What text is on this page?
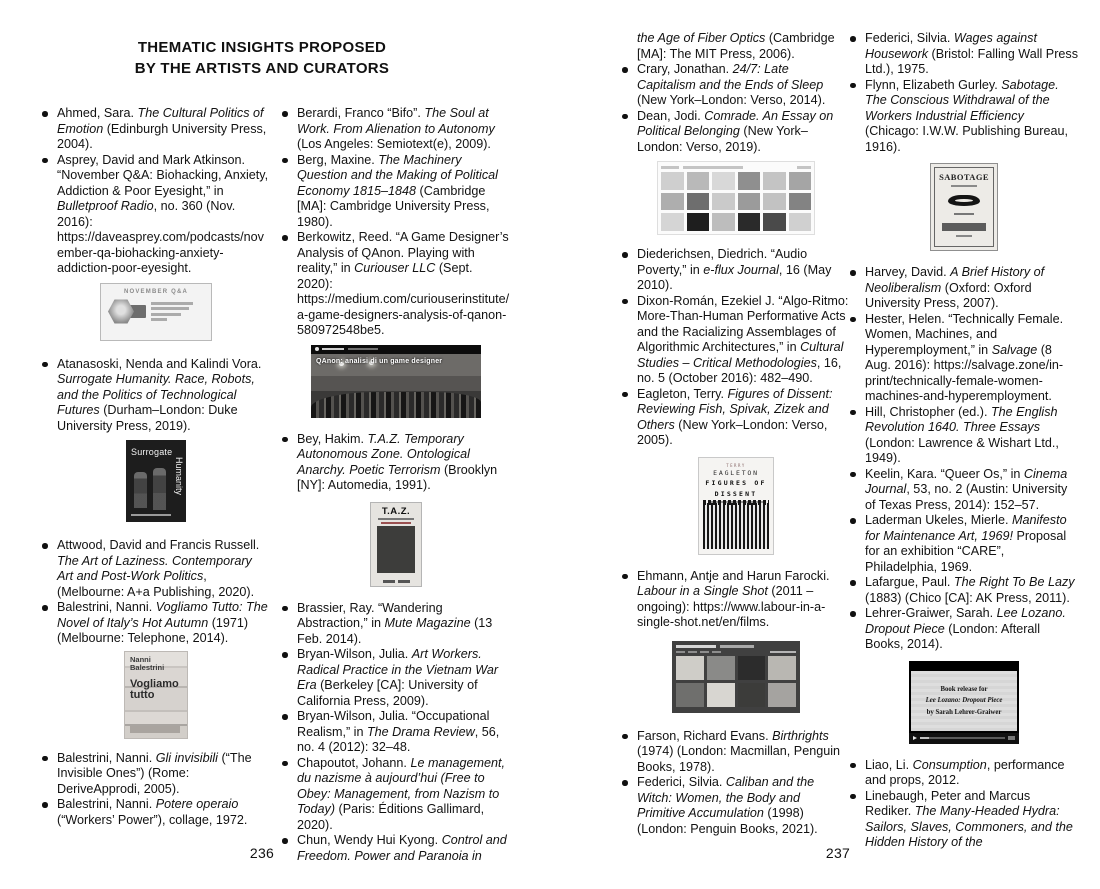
THEMATIC INSIGHTS PROPOSED
BY THE ARTISTS AND CURATORS
Ahmed, Sara. The Cultural Politics of Emotion (Edinburgh University Press, 2004).
Asprey, David and Mark Atkinson. “November Q&A: Biohacking, Anxiety, Addiction & Poor Eyesight,” in Bulletproof Radio, no. 360 (Nov. 2016): https://daveasprey.com/podcasts/november-qa-biohacking-anxiety-addiction-poor-eyesight.
NOVEMBER Q&A
Atanasoski, Nenda and Kalindi Vora. Surrogate Humanity. Race, Robots, and the Politics of Technological Futures (Durham–London: Duke University Press, 2019).
Surrogate
Humanity
Attwood, David and Francis Russell. The Art of Laziness. Contemporary Art and Post-Work Politics, (Melbourne: A+a Publishing, 2020).
Balestrini, Nanni. Vogliamo Tutto: The Novel of Italy’s Hot Autumn (1971) (Melbourne: Telephone, 2014).
Nanni
Balestrini
Vogliamo
tutto
Balestrini, Nanni. Gli invisibili (“The Invisible Ones”) (Rome: DeriveApprodi, 2005).
Balestrini, Nanni. Potere operaio (“Workers’ Power”), collage, 1972.
Berardi, Franco “Bifo”. The Soul at Work. From Alienation to Autonomy (Los Angeles: Semiotext(e), 2009).
Berg, Maxine. The Machinery Question and the Making of Political Economy 1815–1848 (Cambridge [MA]: Cambridge University Press, 1980).
Berkowitz, Reed. “A Game Designer’s Analysis of QAnon. Playing with reality,” in Curiouser LLC (Sept. 2020): https://medium.com/curiouserinstitute/a-game-designers-analysis-of-qanon-580972548be5.
QAnon: analisi di un game designer
Bey, Hakim. T.A.Z. Temporary Autonomous Zone. Ontological Anarchy. Poetic Terrorism (Brooklyn [NY]: Automedia, 1991).
T.A.Z.
Brassier, Ray. “Wandering Abstraction,” in Mute Magazine (13 Feb. 2014).
Bryan-Wilson, Julia. Art Workers. Radical Practice in the Vietnam War Era (Berkeley [CA]: University of California Press, 2009).
Bryan-Wilson, Julia. “Occupational Realism,” in The Drama Review, 56, no. 4 (2012): 32–48.
Chapoutot, Johann. Le management, du nazisme à aujourd’hui (Free to Obey: Management, from Nazism to Today) (Paris: Éditions Gallimard, 2020).
Chun, Wendy Hui Kyong. Control and Freedom. Power and Paranoia in
the Age of Fiber Optics (Cambridge [MA]: The MIT Press, 2006).
Crary, Jonathan. 24/7: Late Capitalism and the Ends of Sleep (New York–London: Verso, 2014).
Dean, Jodi. Comrade. An Essay on Political Belonging (New York–London: Verso, 2019).
Diederichsen, Diedrich. “Audio Poverty,” in e-flux Journal, 16 (May 2010).
Dixon-Román, Ezekiel J. “Algo-Ritmo: More-Than-Human Performative Acts and the Racializing Assemblages of Algorithmic Architectures,” in Cultural Studies – Critical Methodologies, 16, no. 5 (October 2016): 482–490.
Eagleton, Terry. Figures of Dissent: Reviewing Fish, Spivak, Zizek and Others (New York–London: Verso, 2005).
TERRY
EAGLETON
FIGURES OF
DISSENT
Ehmann, Antje and Harun Farocki. Labour in a Single Shot (2011 – ongoing): https://www.labour-in-a-single-shot.net/en/films.
Farson, Richard Evans. Birthrights (1974) (London: Macmillan, Penguin Books, 1978).
Federici, Silvia. Caliban and the Witch: Women, the Body and Primitive Accumulation (1998) (London: Penguin Books, 2021).
Federici, Silvia. Wages against Housework (Bristol: Falling Wall Press Ltd.), 1975.
Flynn, Elizabeth Gurley. Sabotage. The Conscious Withdrawal of the Workers Industrial Efficiency (Chicago: I.W.W. Publishing Bureau, 1916).
SABOTAGE
Harvey, David. A Brief History of Neoliberalism (Oxford: Oxford University Press, 2007).
Hester, Helen. “Technically Female. Women, Machines, and Hyperemployment,” in Salvage (8 Aug. 2016): https://salvage.zone/in-print/technically-female-women-machines-and-hyperemployment.
Hill, Christopher (ed.). The English Revolution 1640. Three Essays (London: Lawrence & Wishart Ltd., 1949).
Keelin, Kara. “Queer Os,” in Cinema Journal, 53, no. 2 (Austin: University of Texas Press, 2014): 152–57.
Laderman Ukeles, Mierle. Manifesto for Maintenance Art, 1969! Proposal for an exhibition “CARE”, Philadelphia, 1969.
Lafargue, Paul. The Right To Be Lazy (1883) (Chico [CA]: AK Press, 2011).
Lehrer-Graiwer, Sarah. Lee Lozano. Dropout Piece (London: Afterall Books, 2014).
Book release for
Lee Lozano: Dropout Piece
by Sarah Lehrer-Graiwer
Liao, Li. Consumption, performance and props, 2012.
Linebaugh, Peter and Marcus Rediker. The Many-Headed Hydra: Sailors, Slaves, Commoners, and the Hidden History of the
236	237
